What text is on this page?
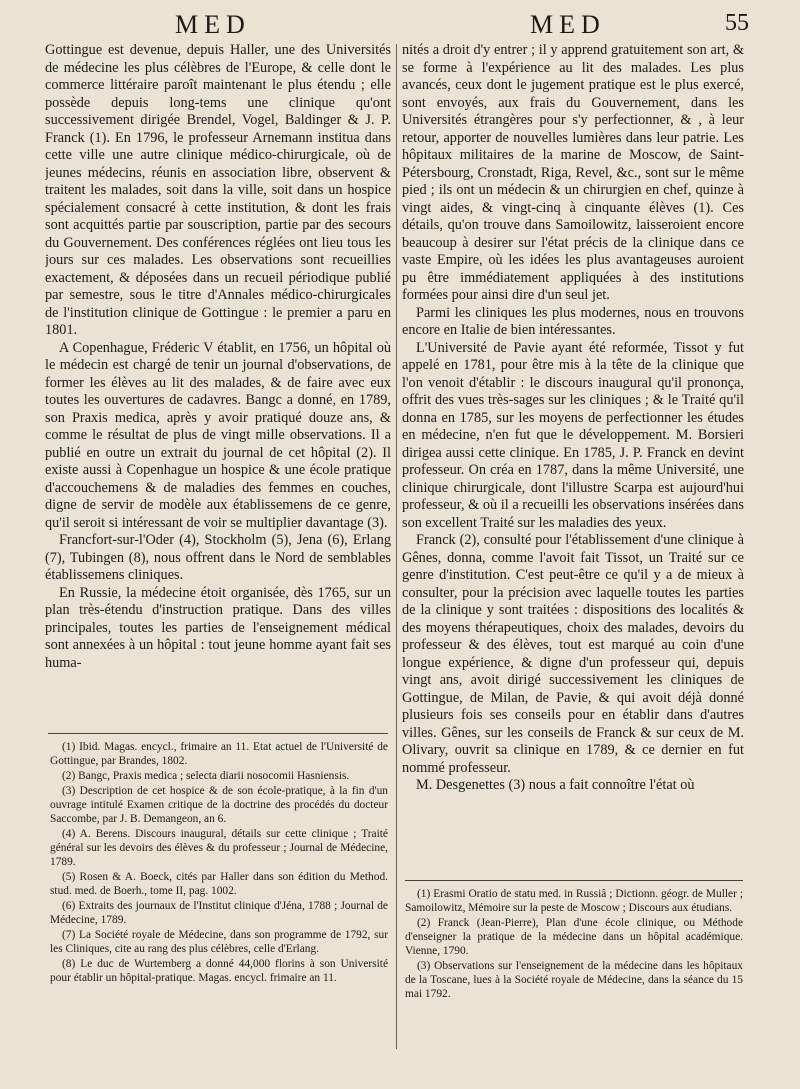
MED	MED	55

Gottingue est devenue, depuis Haller, une des Universités de médecine les plus célèbres de l'Europe, & celle dont le commerce littéraire paroît maintenant le plus étendu ; elle possède depuis long-tems une clinique qu'ont successivement dirigée Brendel, Vogel, Baldinger & J. P. Franck (1). En 1796, le professeur Arnemann institua dans cette ville une autre clinique médico-chirurgicale, où de jeunes médecins, réunis en association libre, observent & traitent les malades, soit dans la ville, soit dans un hospice spécialement consacré à cette institution, & dont les frais sont acquittés partie par souscription, partie par des secours du Gouvernement. Des conférences réglées ont lieu tous les jours sur ces malades. Les observations sont recueillies exactement, & déposées dans un recueil périodique publié par semestre, sous le titre d'Annales médico-chirurgicales de l'institution clinique de Gottingue : le premier a paru en 1801.

A Copenhague, Fréderic V établit, en 1756, un hôpital où le médecin est chargé de tenir un journal d'observations, de former les élèves au lit des malades, & de faire avec eux toutes les ouvertures de cadavres. Bangc a donné, en 1789, son Praxis medica, après y avoir pratiqué douze ans, & comme le résultat de plus de vingt mille observations. Il a publié en outre un extrait du journal de cet hôpital (2). Il existe aussi à Copenhague un hospice & une école pratique d'accouchemens & de maladies des femmes en couches, digne de servir de modèle aux établissemens de ce genre, qu'il seroit si intéressant de voir se multiplier davantage (3).

Francfort-sur-l'Oder (4), Stockholm (5), Jena (6), Erlang (7), Tubingen (8), nous offrent dans le Nord de semblables établissemens cliniques.

En Russie, la médecine étoit organisée, dès 1765, sur un plan très-étendu d'instruction pratique. Dans des villes principales, toutes les parties de l'enseignement médical sont annexées à un hôpital : tout jeune homme ayant fait ses huma-

nités a droit d'y entrer ; il y apprend gratuitement son art, & se forme à l'expérience au lit des malades. Les plus avancés, ceux dont le jugement pratique est le plus exercé, sont envoyés, aux frais du Gouvernement, dans les Universités étrangères pour s'y perfectionner, & , à leur retour, apporter de nouvelles lumières dans leur patrie. Les hôpitaux militaires de la marine de Moscow, de Saint-Pétersbourg, Cronstadt, Riga, Revel, &c., sont sur le même pied ; ils ont un médecin & un chirurgien en chef, quinze à vingt aides, & vingt-cinq à cinquante élèves (1). Ces détails, qu'on trouve dans Samoilowitz, laisseroient encore beaucoup à desirer sur l'état précis de la clinique dans ce vaste Empire, où les idées les plus avantageuses auroient pu être immédiatement appliquées à des institutions formées pour ainsi dire d'un seul jet.

Parmi les cliniques les plus modernes, nous en trouvons encore en Italie de bien intéressantes.

L'Université de Pavie ayant été reformée, Tissot y fut appelé en 1781, pour être mis à la tête de la clinique que l'on venoit d'établir : le discours inaugural qu'il prononça, offrit des vues très-sages sur les cliniques ; & le Traité qu'il donna en 1785, sur les moyens de perfectionner les études en médecine, n'en fut que le développement. M. Borsieri dirigea aussi cette clinique. En 1785, J. P. Franck en devint professeur. On créa en 1787, dans la même Université, une clinique chirurgicale, dont l'illustre Scarpa est aujourd'hui professeur, & où il a recueilli les observations insérées dans son excellent Traité sur les maladies des yeux.

Franck (2), consulté pour l'établissement d'une clinique à Gênes, donna, comme l'avoit fait Tissot, un Traité sur ce genre d'institution. C'est peut-être ce qu'il y a de mieux à consulter, pour la précision avec laquelle toutes les parties de la clinique y sont traitées : dispositions des localités & des moyens thérapeutiques, choix des malades, devoirs du professeur & des élèves, tout est marqué au coin d'une longue expérience, & digne d'un professeur qui, depuis vingt ans, avoit dirigé successivement les cliniques de Gottingue, de Milan, de Pavie, & qui avoit déjà donné plusieurs fois ses conseils pour en établir dans d'autres villes. Gênes, sur les conseils de Franck & sur ceux de M. Olivary, ouvrit sa clinique en 1789, & ce dernier en fut nommé professeur.

M. Desgenettes (3) nous a fait connoître l'état où

(1) Ibid. Magas. encycl., frimaire an 11. Etat actuel de l'Université de Gottingue, par Brandes, 1802.

(2) Bangc, Praxis medica ; selecta diarii nosocomii Hasniensis.

(3) Description de cet hospice & de son école-pratique, à la fin d'un ouvrage intitulé Examen critique de la doctrine des procédés du docteur Saccombe, par J. B. Demangeon, an 6.

(4) A. Berens. Discours inaugural, détails sur cette clinique ; Traité général sur les devoirs des élèves & du professeur ; Journal de Médecine, 1789.

(5) Rosen & A. Boeck, cités par Haller dans son édition du Method. stud. med. de Boerh., tome II, pag. 1002.

(6) Extraits des journaux de l'Institut clinique d'Jéna, 1788 ; Journal de Médecine, 1789.

(7) La Société royale de Médecine, dans son programme de 1792, sur les Cliniques, cite au rang des plus célèbres, celle d'Erlang.

(8) Le duc de Wurtemberg a donné 44,000 florins à son Université pour établir un hôpital-pratique. Magas. encycl. frimaire an 11.

(1) Erasmi Oratio de statu med. in Russiâ ; Dictionn. géogr. de Muller ; Samoilowitz, Mémoire sur la peste de Moscow ; Discours aux étudians.

(2) Franck (Jean-Pierre), Plan d'une école clinique, ou Méthode d'enseigner la pratique de la médecine dans un hôpital académique. Vienne, 1790.

(3) Observations sur l'enseignement de la médecine dans les hôpitaux de la Toscane, lues à la Société royale de Médecine, dans la séance du 15 mai 1792.
